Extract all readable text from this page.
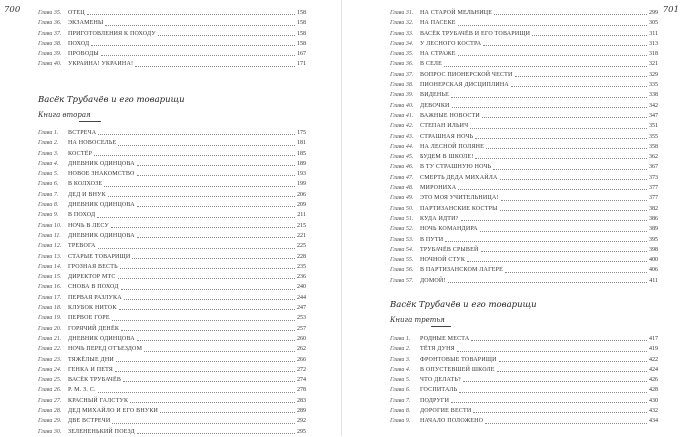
700	Глава 35. ОТЕЦ	158
Глава 36. ЭКЗАМЕНЫ	158
Глава 37. ПРИГОТОВЛЕНИЯ К ПОХОДУ	158
Глава 38. ПОХОД	158
Глава 39. ПРОВОДЫ	167
Глава 40. УКРАИНА! УКРАИНА!	171
Васёк Трубачёв и его товарищи
Книга вторая
Глава 1. ВСТРЕЧА	175
Глава 2. НА НОВОСЕЛЬЕ	181
Глава 3. КОСТЁР	185
Глава 4. ДНЕВНИК ОДИНЦОВА	189
Глава 5. НОВОЕ ЗНАКОМСТВО	193
Глава 6. В КОЛХОЗЕ	199
Глава 7. ДЕД И ВНУК	206
Глава 8. ДНЕВНИК ОДИНЦОВА	209
Глава 9. В ПОХОД	211
Глава 10. НОЧЬ В ЛЕСУ	215
Глава 11. ДНЕВНИК ОДИНЦОВА	221
Глава 12. ТРЕВОГА	225
Глава 13. СТАРЫЕ ТОВАРИЩИ	228
Глава 14. ГРОЗНАЯ ВЕСТЬ	235
Глава 15. ДИРЕКТОР МТС	236
Глава 16. СНОВА В ПОХОД	240
Глава 17. ПЕРВАЯ РАЗЛУКА	244
Глава 18. КЛУБОК НИТОК	247
Глава 19. ПЕРВОЕ ГОРЕ	253
Глава 20. ГОРЯЧИЙ ДЕНЁК	257
Глава 21. ДНЕВНИК ОДИНЦОВА	260
Глава 22. НОЧЬ ПЕРЕД ОТЪЕЗДОМ	262
Глава 23. ТЯЖЁЛЫЕ ДНИ	266
Глава 24. ГЕНКА И ПЕТЯ	272
Глава 25. ВАСЁК ТРУБАЧЁВ	274
Глава 26. Р. М. З. С.	278
Глава 27. КРАСНЫЙ ГАЛСТУК	283
Глава 28. ДЕД МИХАЙЛО И ЕГО ВНУКИ	289
Глава 29. ДВЕ ВСТРЕЧИ	292
Глава 30. ЗЕЛЕНЕНЬКИЙ ПОЕЗД	295
701
Глава 31. НА СТАРОЙ МЕЛЬНИЦЕ	299
Глава 32. НА ПАСЕКЕ	305
Глава 33. ВАСЁК ТРУБАЧЁВ И ЕГО ТОВАРИЩИ	311
Глава 34. У ЛЕСНОГО КОСТРА	313
Глава 35. НА СТРАЖЕ	318
Глава 36. В СЕЛЕ	321
Глава 37. ВОПРОС ПИОНЕРСКОЙ ЧЕСТИ	329
Глава 38. ПИОНЕРСКАЯ ДИСЦИПЛИНА	335
Глава 39. ВИДЕНЬЕ	338
Глава 40. ДЕВОЧКИ	342
Глава 41. ВАЖНЫЕ НОВОСТИ	347
Глава 42. СТЕПАН ИЛЬИЧ	351
Глава 43. СТРАШНАЯ НОЧЬ	355
Глава 44. НА ЛЕСНОЙ ПОЛЯНЕ	358
Глава 45. БУДЕМ В ШКОЛЕ!	362
Глава 46. В ТУ СТРАШНУЮ НОЧЬ	367
Глава 47. СМЕРТЬ ДЕДА МИХАЙЛА	373
Глава 48. МИРОНИХА	377
Глава 49. ЭТО МОЯ УЧИТЕЛЬНИЦА!	377
Глава 50. ПАРТИЗАНСКИЕ КОСТРЫ	382
Глава 51. КУДА ИДТИ?	386
Глава 52. НОЧЬ КОМАНДИРА	389
Глава 53. В ПУТИ	395
Глава 54. ТРУБАЧЁВ СРЫВЕЙ	398
Глава 55. НОЧНОЙ СТУК	400
Глава 56. В ПАРТИЗАНСКОМ ЛАГЕРЕ	406
Глава 57. ДОМОЙ!	411
Васёк Трубачёв и его товарищи
Книга третья
Глава 1. РОДНЫЕ МЕСТА	417
Глава 2. ТЁТЯ ДУНЯ	419
Глава 3. ФРОНТОВЫЕ ТОВАРИЩИ	422
Глава 4. В ОПУСТЕВШЕЙ ШКОЛЕ	424
Глава 5. ЧТО ДЕЛАТЬ?	426
Глава 6. ГОСПИТАЛЬ	428
Глава 7. ПОДРУГИ	430
Глава 8. ДОРОГИЕ ВЕСТИ	432
Глава 9. НАЧАЛО ПОЛОЖЕНО	434
